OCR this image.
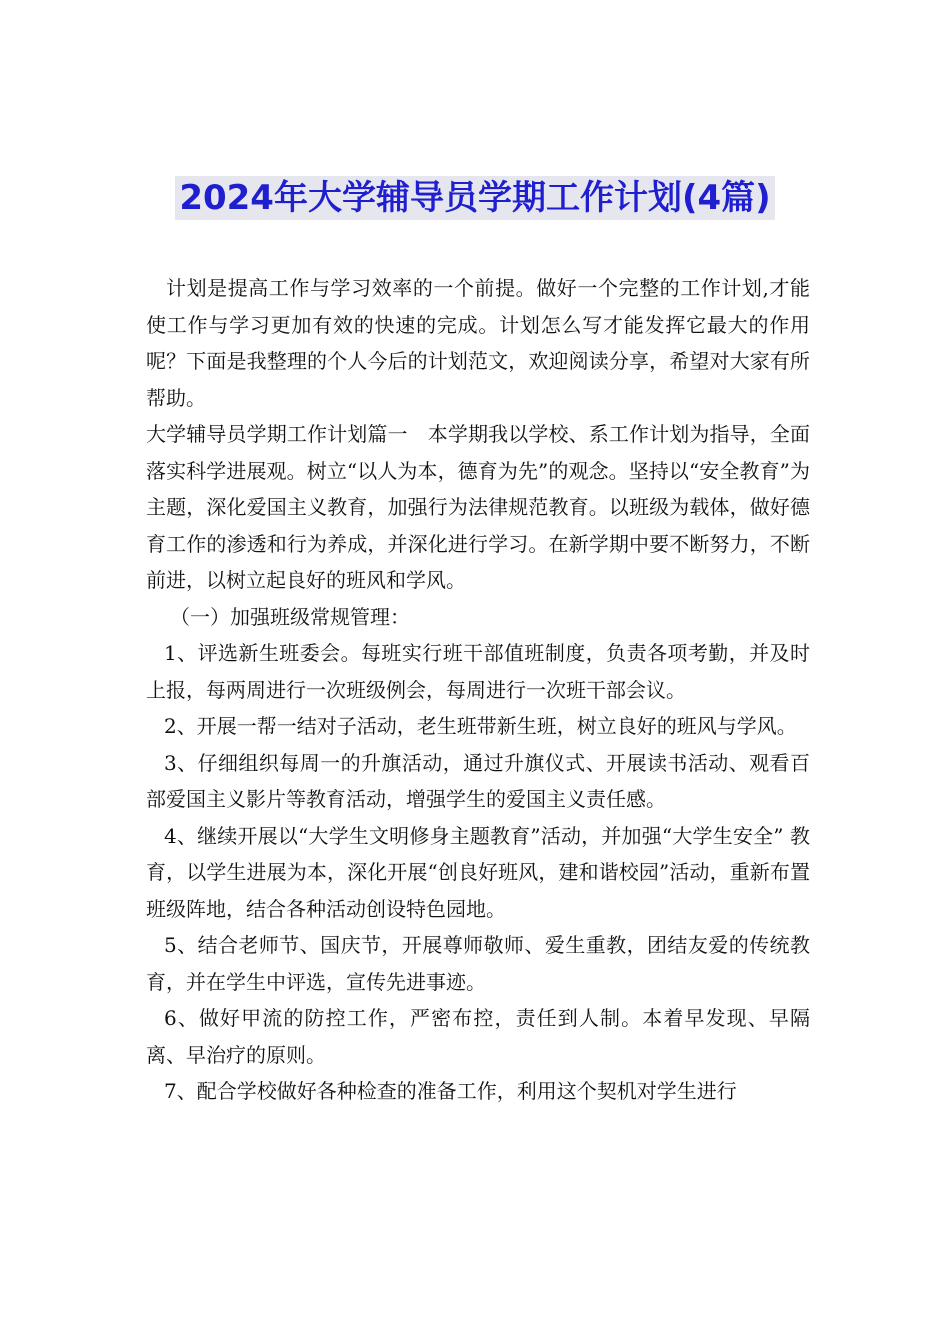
2024年大学辅导员学期工作计划(4篇)

计划是提高工作与学习效率的一个前提。做好一个完整的工作计划,才能使工作与学习更加有效的快速的完成。计划怎么写才能发挥它最大的作用呢？下面是我整理的个人今后的计划范文，欢迎阅读分享，希望对大家有所帮助。

大学辅导员学期工作计划篇一　本学期我以学校、系工作计划为指导，全面落实科学进展观。树立“以人为本，德育为先”的观念。坚持以“安全教育”为主题，深化爱国主义教育，加强行为法律规范教育。以班级为载体，做好德育工作的渗透和行为养成，并深化进行学习。在新学期中要不断努力，不断前进，以树立起良好的班风和学风。

（一）加强班级常规管理：

1、评选新生班委会。每班实行班干部值班制度，负责各项考勤，并及时上报，每两周进行一次班级例会，每周进行一次班干部会议。

2、开展一帮一结对子活动，老生班带新生班，树立良好的班风与学风。

3、仔细组织每周一的升旗活动，通过升旗仪式、开展读书活动、观看百部爱国主义影片等教育活动，增强学生的爱国主义责任感。

4、继续开展以“大学生文明修身主题教育”活动，并加强“大学生安全” 教育，以学生进展为本，深化开展“创良好班风，建和谐校园”活动，重新布置班级阵地，结合各种活动创设特色园地。

5、结合老师节、国庆节，开展尊师敬师、爱生重教，团结友爱的传统教育，并在学生中评选，宣传先进事迹。

6、做好甲流的防控工作，严密布控，责任到人制。本着早发现、早隔离、早治疗的原则。

7、配合学校做好各种检查的准备工作，利用这个契机对学生进行
